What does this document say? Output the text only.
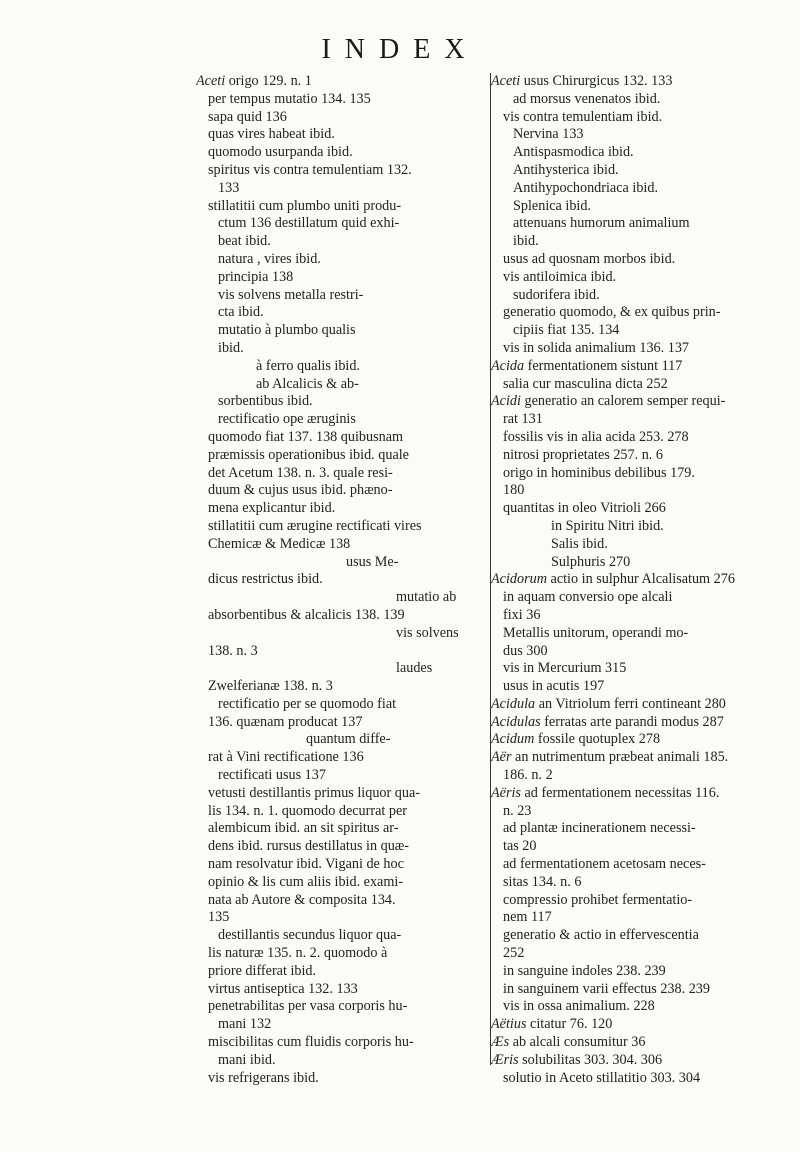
INDEX
Aceti origo 129. n. 1
per tempus mutatio 134. 135
sapa quid 136
quas vires habeat ibid.
quomodo usurpanda ibid.
spiritus vis contra temulentiam 132.
133
stillatitii cum plumbo uniti produ-
ctum 136 destillatum quid exhi-
beat ibid.
natura , vires ibid.
principia 138
vis solvens metalla restri-
cta ibid.
mutatio à plumbo qualis
ibid.
à ferro qualis ibid.
ab Alcalicis & ab-
sorbentibus ibid.
rectificatio ope æruginis
quomodo fiat 137. 138 quibusnam
præmissis operationibus ibid. quale
det Acetum 138. n. 3. quale resi-
duum & cujus usus ibid. phæno-
mena explicantur ibid.
stillatitii cum ærugine rectificati vires
Chemicæ & Medicæ 138
usus Me-
dicus restrictus ibid.
mutatio ab
absorbentibus & alcalicis 138. 139
vis solvens
138. n. 3
laudes
Zwelferianæ 138. n. 3
rectificatio per se quomodo fiat
136. quænam producat 137
quantum diffe-
rat à Vini rectificatione 136
rectificati usus 137
vetusti destillantis primus liquor qua-
lis 134. n. 1. quomodo decurrat per
alembicum ibid. an sit spiritus ar-
dens ibid. rursus destillatus in quæ-
nam resolvatur ibid. Vigani de hoc
opinio & lis cum aliis ibid. exami-
nata ab Autore & composita 134.
135
destillantis secundus liquor qua-
lis naturæ 135. n. 2. quomodo à
priore differat ibid.
virtus antiseptica 132. 133
penetrabilitas per vasa corporis hu-
mani 132
miscibilitas cum fluidis corporis hu-
mani ibid.
vis refrigerans ibid.
Aceti usus Chirurgicus 132. 133
ad morsus venenatos ibid.
vis contra temulentiam ibid.
Nervina 133
Antispasmodica ibid.
Antihysterica ibid.
Antihypochondriaca ibid.
Splenica ibid.
attenuans humorum animalium
ibid.
usus ad quosnam morbos ibid.
vis antiloimica ibid.
sudorifera ibid.
generatio quomodo, & ex quibus prin-
cipiis fiat 135. 134
vis in solida animalium 136. 137
Acida fermentationem sistunt 117
salia cur masculina dicta 252
Acidi generatio an calorem semper requi-
rat 131
fossilis vis in alia acida 253. 278
nitrosi proprietates 257. n. 6
origo in hominibus debilibus 179.
180
quantitas in oleo Vitrioli 266
in Spiritu Nitri ibid.
Salis ibid.
Sulphuris 270
Acidorum actio in sulphur Alcalisatum 276
in aquam conversio ope alcali
fixi 36
Metallis unitorum, operandi mo-
dus 300
vis in Mercurium 315
usus in acutis 197
Acidula an Vitriolum ferri contineant 280
Acidulas ferratas arte parandi modus 287
Acidum fossile quotuplex 278
Aër an nutrimentum præbeat animali 185.
186. n. 2
Aëris ad fermentationem necessitas 116.
n. 23
ad plantæ incinerationem necessi-
tas 20
ad fermentationem acetosam neces-
sitas 134. n. 6
compressio prohibet fermentatio-
nem 117
generatio & actio in effervescentia
252
in sanguine indoles 238. 239
in sanguinem varii effectus 238. 239
vis in ossa animalium. 228
Aëtius citatur 76. 120
Æs ab alcali consumitur 36
Æris solubilitas 303. 304. 306
solutio in Aceto stillatitio 303. 304
